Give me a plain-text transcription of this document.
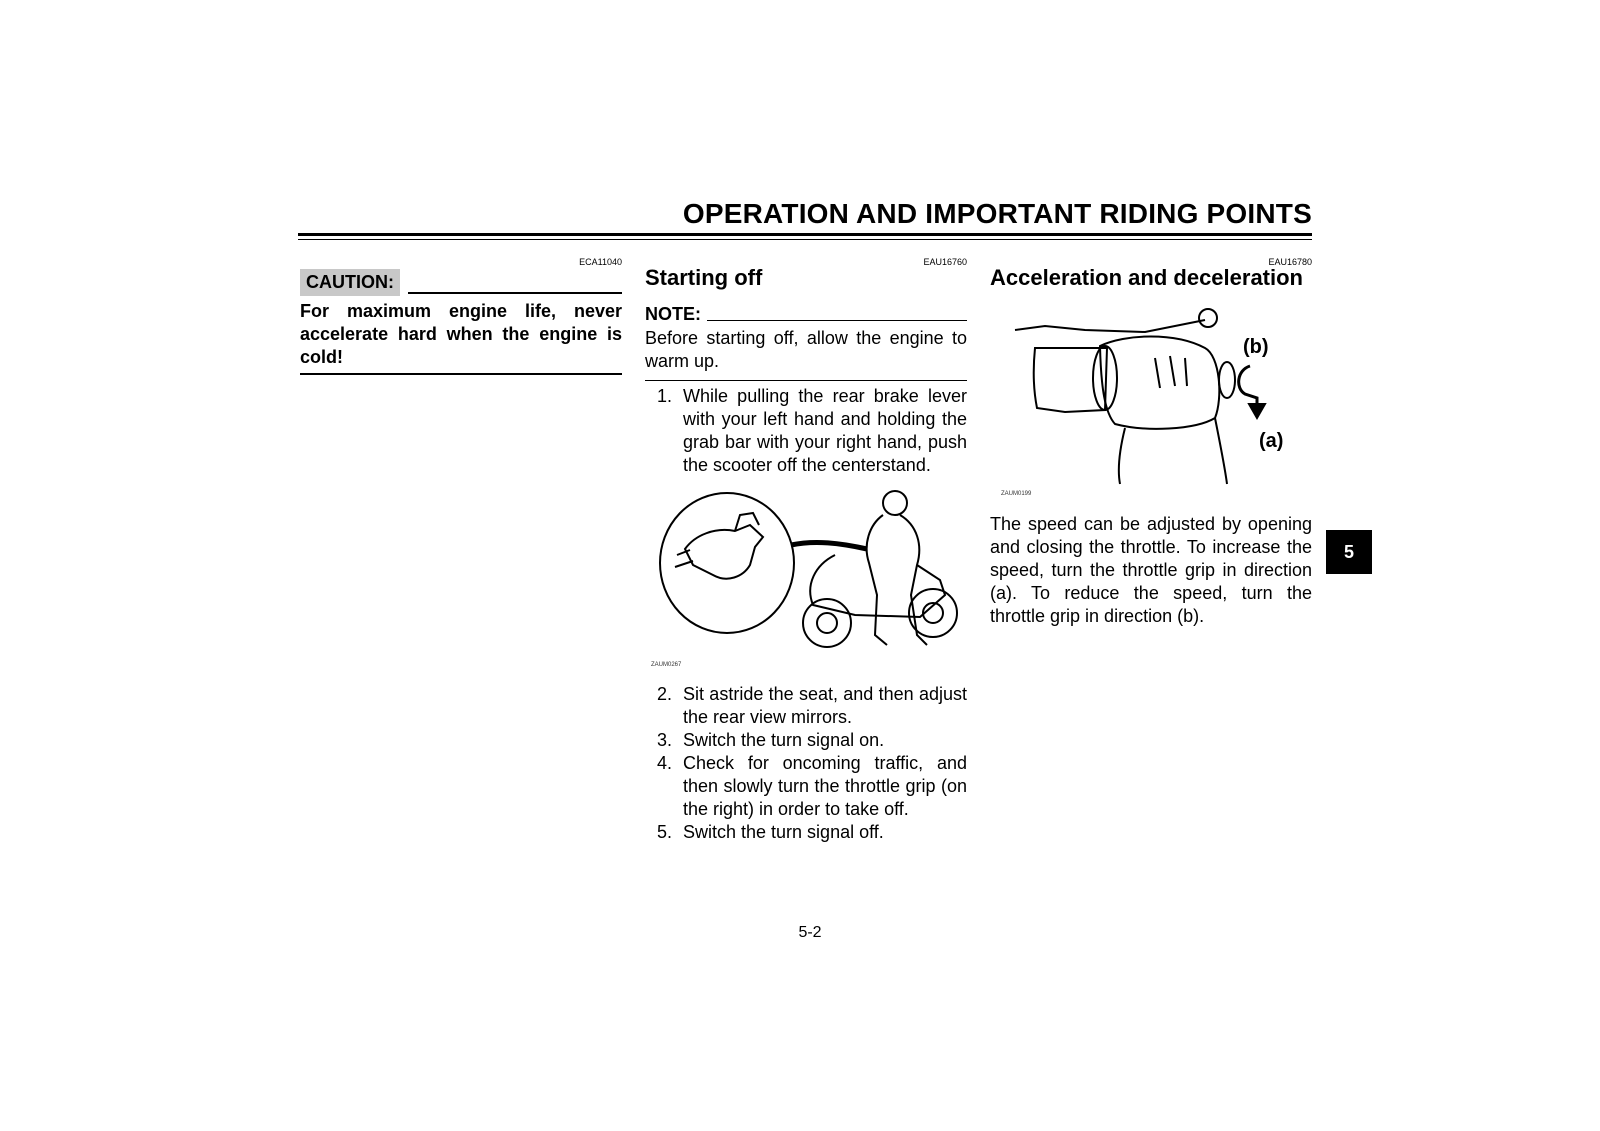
OPERATION AND IMPORTANT RIDING POINTS
ECA11040
CAUTION:
For maximum engine life, never accelerate hard when the engine is cold!
EAU16760
Starting off
NOTE:
Before starting off, allow the engine to warm up.
1. While pulling the rear brake lever with your left hand and holding the grab bar with your right hand, push the scooter off the centerstand.
ZAUM0267
2. Sit astride the seat, and then adjust the rear view mirrors.
3. Switch the turn signal on.
4. Check for oncoming traffic, and then slowly turn the throttle grip (on the right) in order to take off.
5. Switch the turn signal off.
EAU16780
Acceleration and deceleration
(b)
(a)
ZAUM0199
The speed can be adjusted by opening and closing the throttle. To increase the speed, turn the throttle grip in direction (a). To reduce the speed, turn the throttle grip in direction (b).
5
5-2
